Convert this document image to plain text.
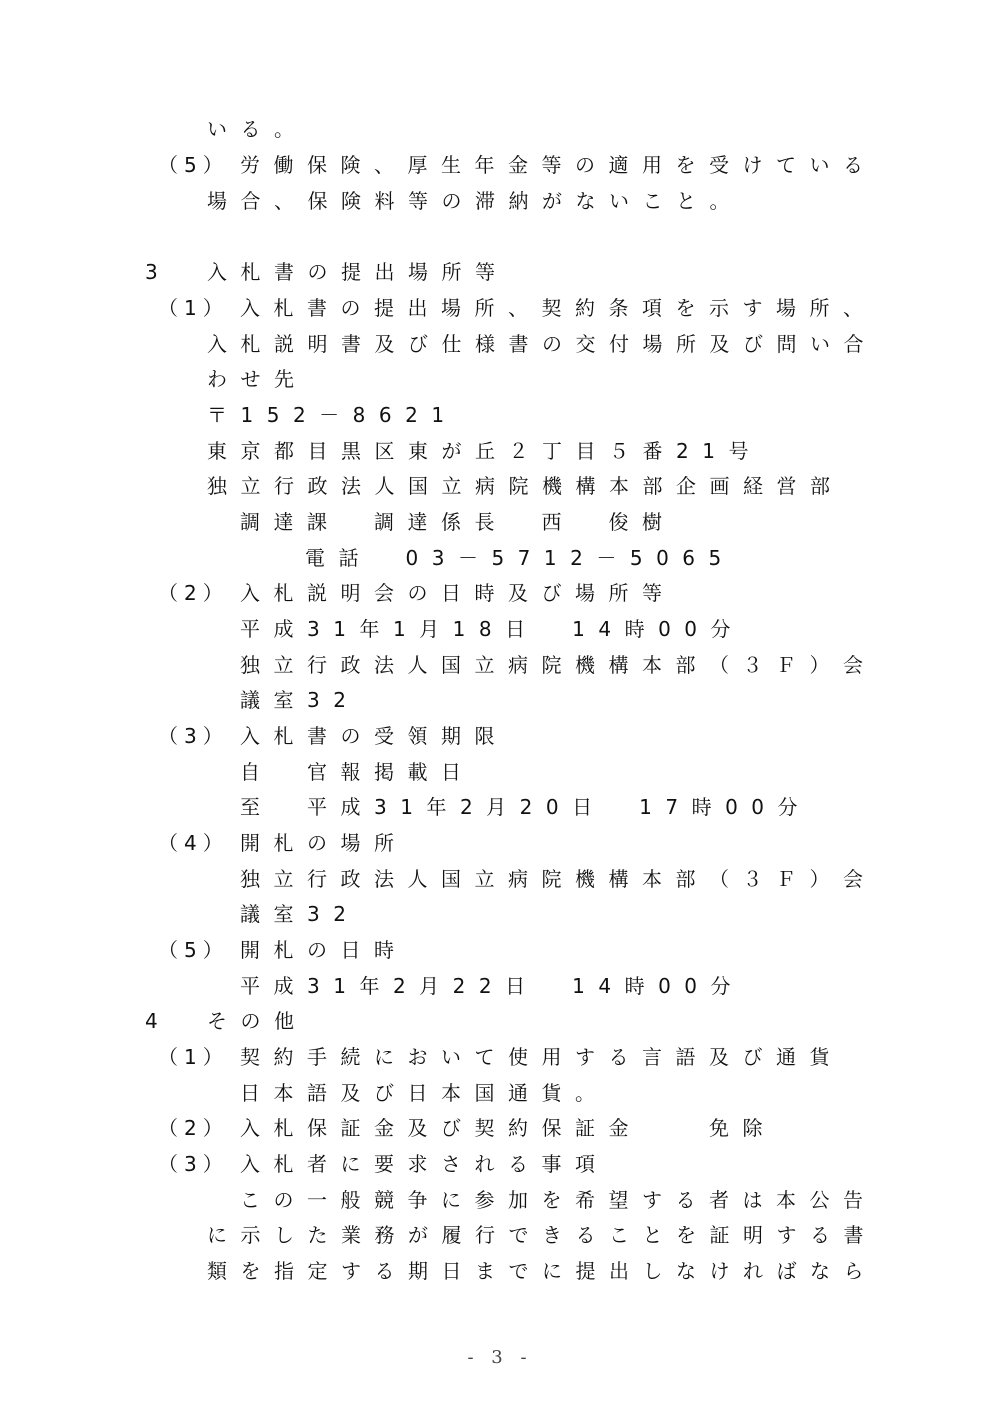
いる。
（5） 労働保険、厚生年金等の適用を受けている
場合、保険料等の滞納がないこと。
3 入札書の提出場所等
（1） 入札書の提出場所、契約条項を示す場所、
入札説明書及び仕様書の交付場所及び問い合
わせ先
〒152－8621
東京都目黒区東が丘２丁目５番21号
独立行政法人国立病院機構本部企画経営部
調達課　調達係長　西　俊樹
電話　03－5712－5065
（2） 入札説明会の日時及び場所等
平成31年1月18日　14時00分
独立行政法人国立病院機構本部（３Ｆ）会
議室32
（3） 入札書の受領期限
自　官報掲載日
至　平成31年2月20日　17時00分
（4） 開札の場所
独立行政法人国立病院機構本部（３Ｆ）会
議室32
（5） 開札の日時
平成31年2月22日　14時00分
4 その他
（1） 契約手続において使用する言語及び通貨
日本語及び日本国通貨。
（2） 入札保証金及び契約保証金　　免除
（3） 入札者に要求される事項
この一般競争に参加を希望する者は本公告
に示した業務が履行できることを証明する書
類を指定する期日までに提出しなければなら
- 3 -
